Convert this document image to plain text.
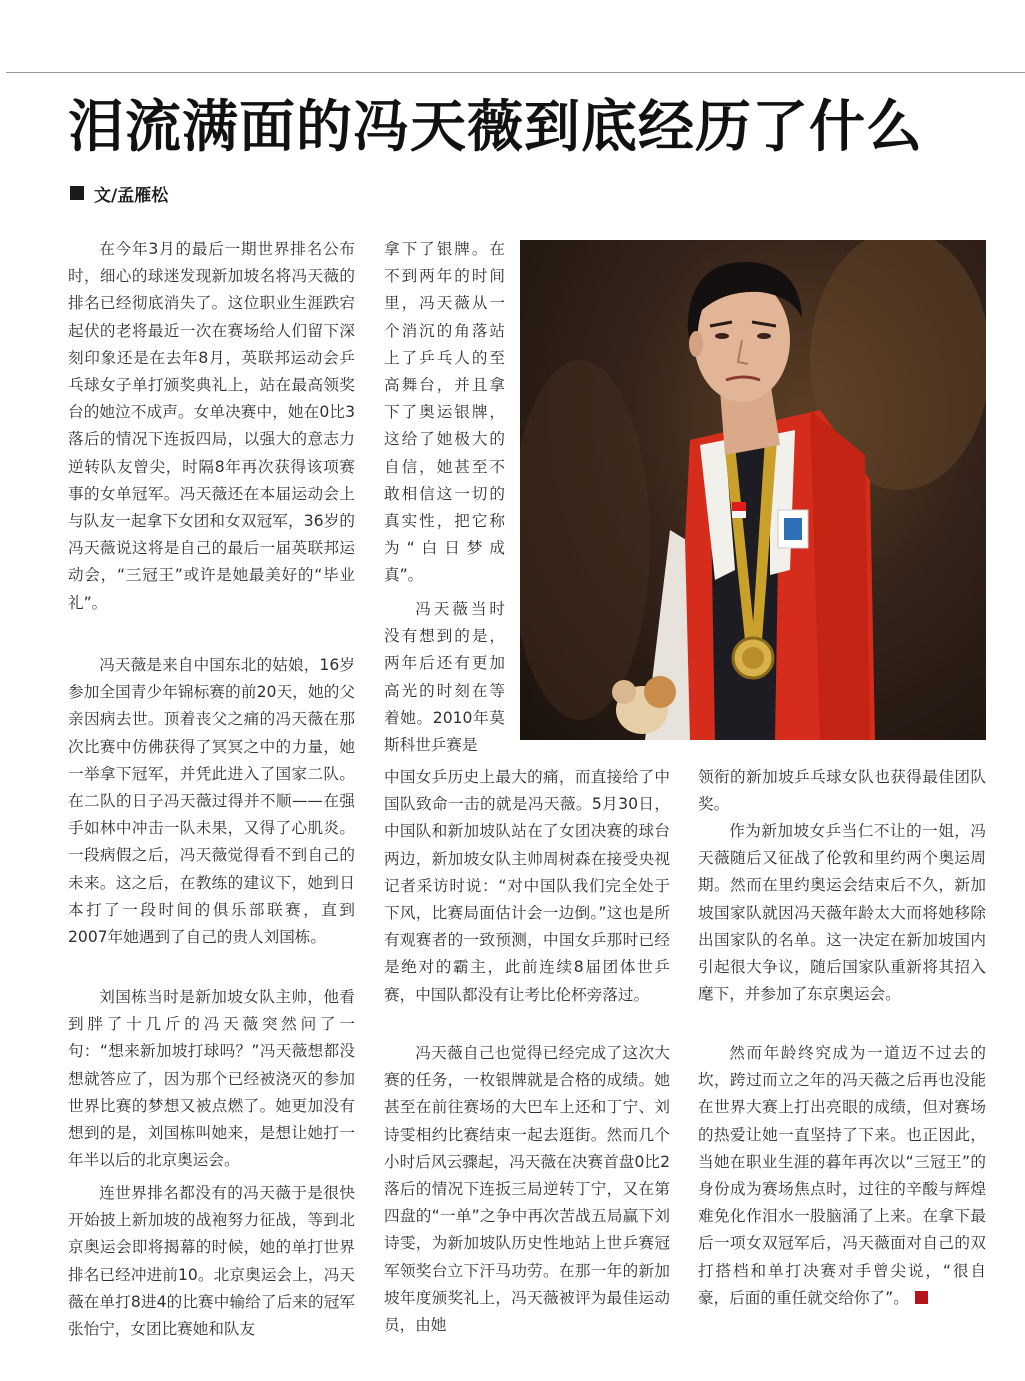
泪流满面的冯天薇到底经历了什么
文/孟雁松

在今年3月的最后一期世界排名公布时，细心的球迷发现新加坡名将冯天薇的排名已经彻底消失了。这位职业生涯跌宕起伏的老将最近一次在赛场给人们留下深刻印象还是在去年8月，英联邦运动会乒乓球女子单打颁奖典礼上，站在最高领奖台的她泣不成声。女单决赛中，她在0比3落后的情况下连扳四局，以强大的意志力逆转队友曾尖，时隔8年再次获得该项赛事的女单冠军。冯天薇还在本届运动会上与队友一起拿下女团和女双冠军，36岁的冯天薇说这将是自己的最后一届英联邦运动会，“三冠王”或许是她最美好的“毕业礼”。

冯天薇是来自中国东北的姑娘，16岁参加全国青少年锦标赛的前20天，她的父亲因病去世。顶着丧父之痛的冯天薇在那次比赛中仿佛获得了冥冥之中的力量，她一举拿下冠军，并凭此进入了国家二队。在二队的日子冯天薇过得并不顺——在强手如林中冲击一队未果，又得了心肌炎。一段病假之后，冯天薇觉得看不到自己的未来。这之后，在教练的建议下，她到日本打了一段时间的俱乐部联赛，直到2007年她遇到了自己的贵人刘国栋。

刘国栋当时是新加坡女队主帅，他看到胖了十几斤的冯天薇突然问了一句：“想来新加坡打球吗？”冯天薇想都没想就答应了，因为那个已经被浇灭的参加世界比赛的梦想又被点燃了。她更加没有想到的是，刘国栋叫她来，是想让她打一年半以后的北京奥运会。

连世界排名都没有的冯天薇于是很快开始披上新加坡的战袍努力征战，等到北京奥运会即将揭幕的时候，她的单打世界排名已经冲进前10。北京奥运会上，冯天薇在单打8进4的比赛中输给了后来的冠军张怡宁，女团比赛她和队友

拿下了银牌。在不到两年的时间里，冯天薇从一个消沉的角落站上了乒乓人的至高舞台，并且拿下了奥运银牌，这给了她极大的自信，她甚至不敢相信这一切的真实性，把它称为“白日梦成真”。

冯天薇当时没有想到的是，两年后还有更加高光的时刻在等着她。2010年莫斯科世乒赛是

中国女乒历史上最大的痛，而直接给了中国队致命一击的就是冯天薇。5月30日，中国队和新加坡队站在了女团决赛的球台两边，新加坡女队主帅周树森在接受央视记者采访时说：“对中国队我们完全处于下风，比赛局面估计会一边倒。”这也是所有观赛者的一致预测，中国女乒那时已经是绝对的霸主，此前连续8届团体世乒赛，中国队都没有让考比伦杯旁落过。

冯天薇自己也觉得已经完成了这次大赛的任务，一枚银牌就是合格的成绩。她甚至在前往赛场的大巴车上还和丁宁、刘诗雯相约比赛结束一起去逛街。然而几个小时后风云骤起，冯天薇在决赛首盘0比2落后的情况下连扳三局逆转丁宁，又在第四盘的“一单”之争中再次苦战五局赢下刘诗雯，为新加坡队历史性地站上世乒赛冠军领奖台立下汗马功劳。在那一年的新加坡年度颁奖礼上，冯天薇被评为最佳运动员，由她

领衔的新加坡乒乓球女队也获得最佳团队奖。

作为新加坡女乒当仁不让的一姐，冯天薇随后又征战了伦敦和里约两个奥运周期。然而在里约奥运会结束后不久，新加坡国家队就因冯天薇年龄太大而将她移除出国家队的名单。这一决定在新加坡国内引起很大争议，随后国家队重新将其招入麾下，并参加了东京奥运会。

然而年龄终究成为一道迈不过去的坎，跨过而立之年的冯天薇之后再也没能在世界大赛上打出亮眼的成绩，但对赛场的热爱让她一直坚持了下来。也正因此，当她在职业生涯的暮年再次以“三冠王”的身份成为赛场焦点时，过往的辛酸与辉煌难免化作泪水一股脑涌了上来。在拿下最后一项女双冠军后，冯天薇面对自己的双打搭档和单打决赛对手曾尖说，“很自豪，后面的重任就交给你了”。
